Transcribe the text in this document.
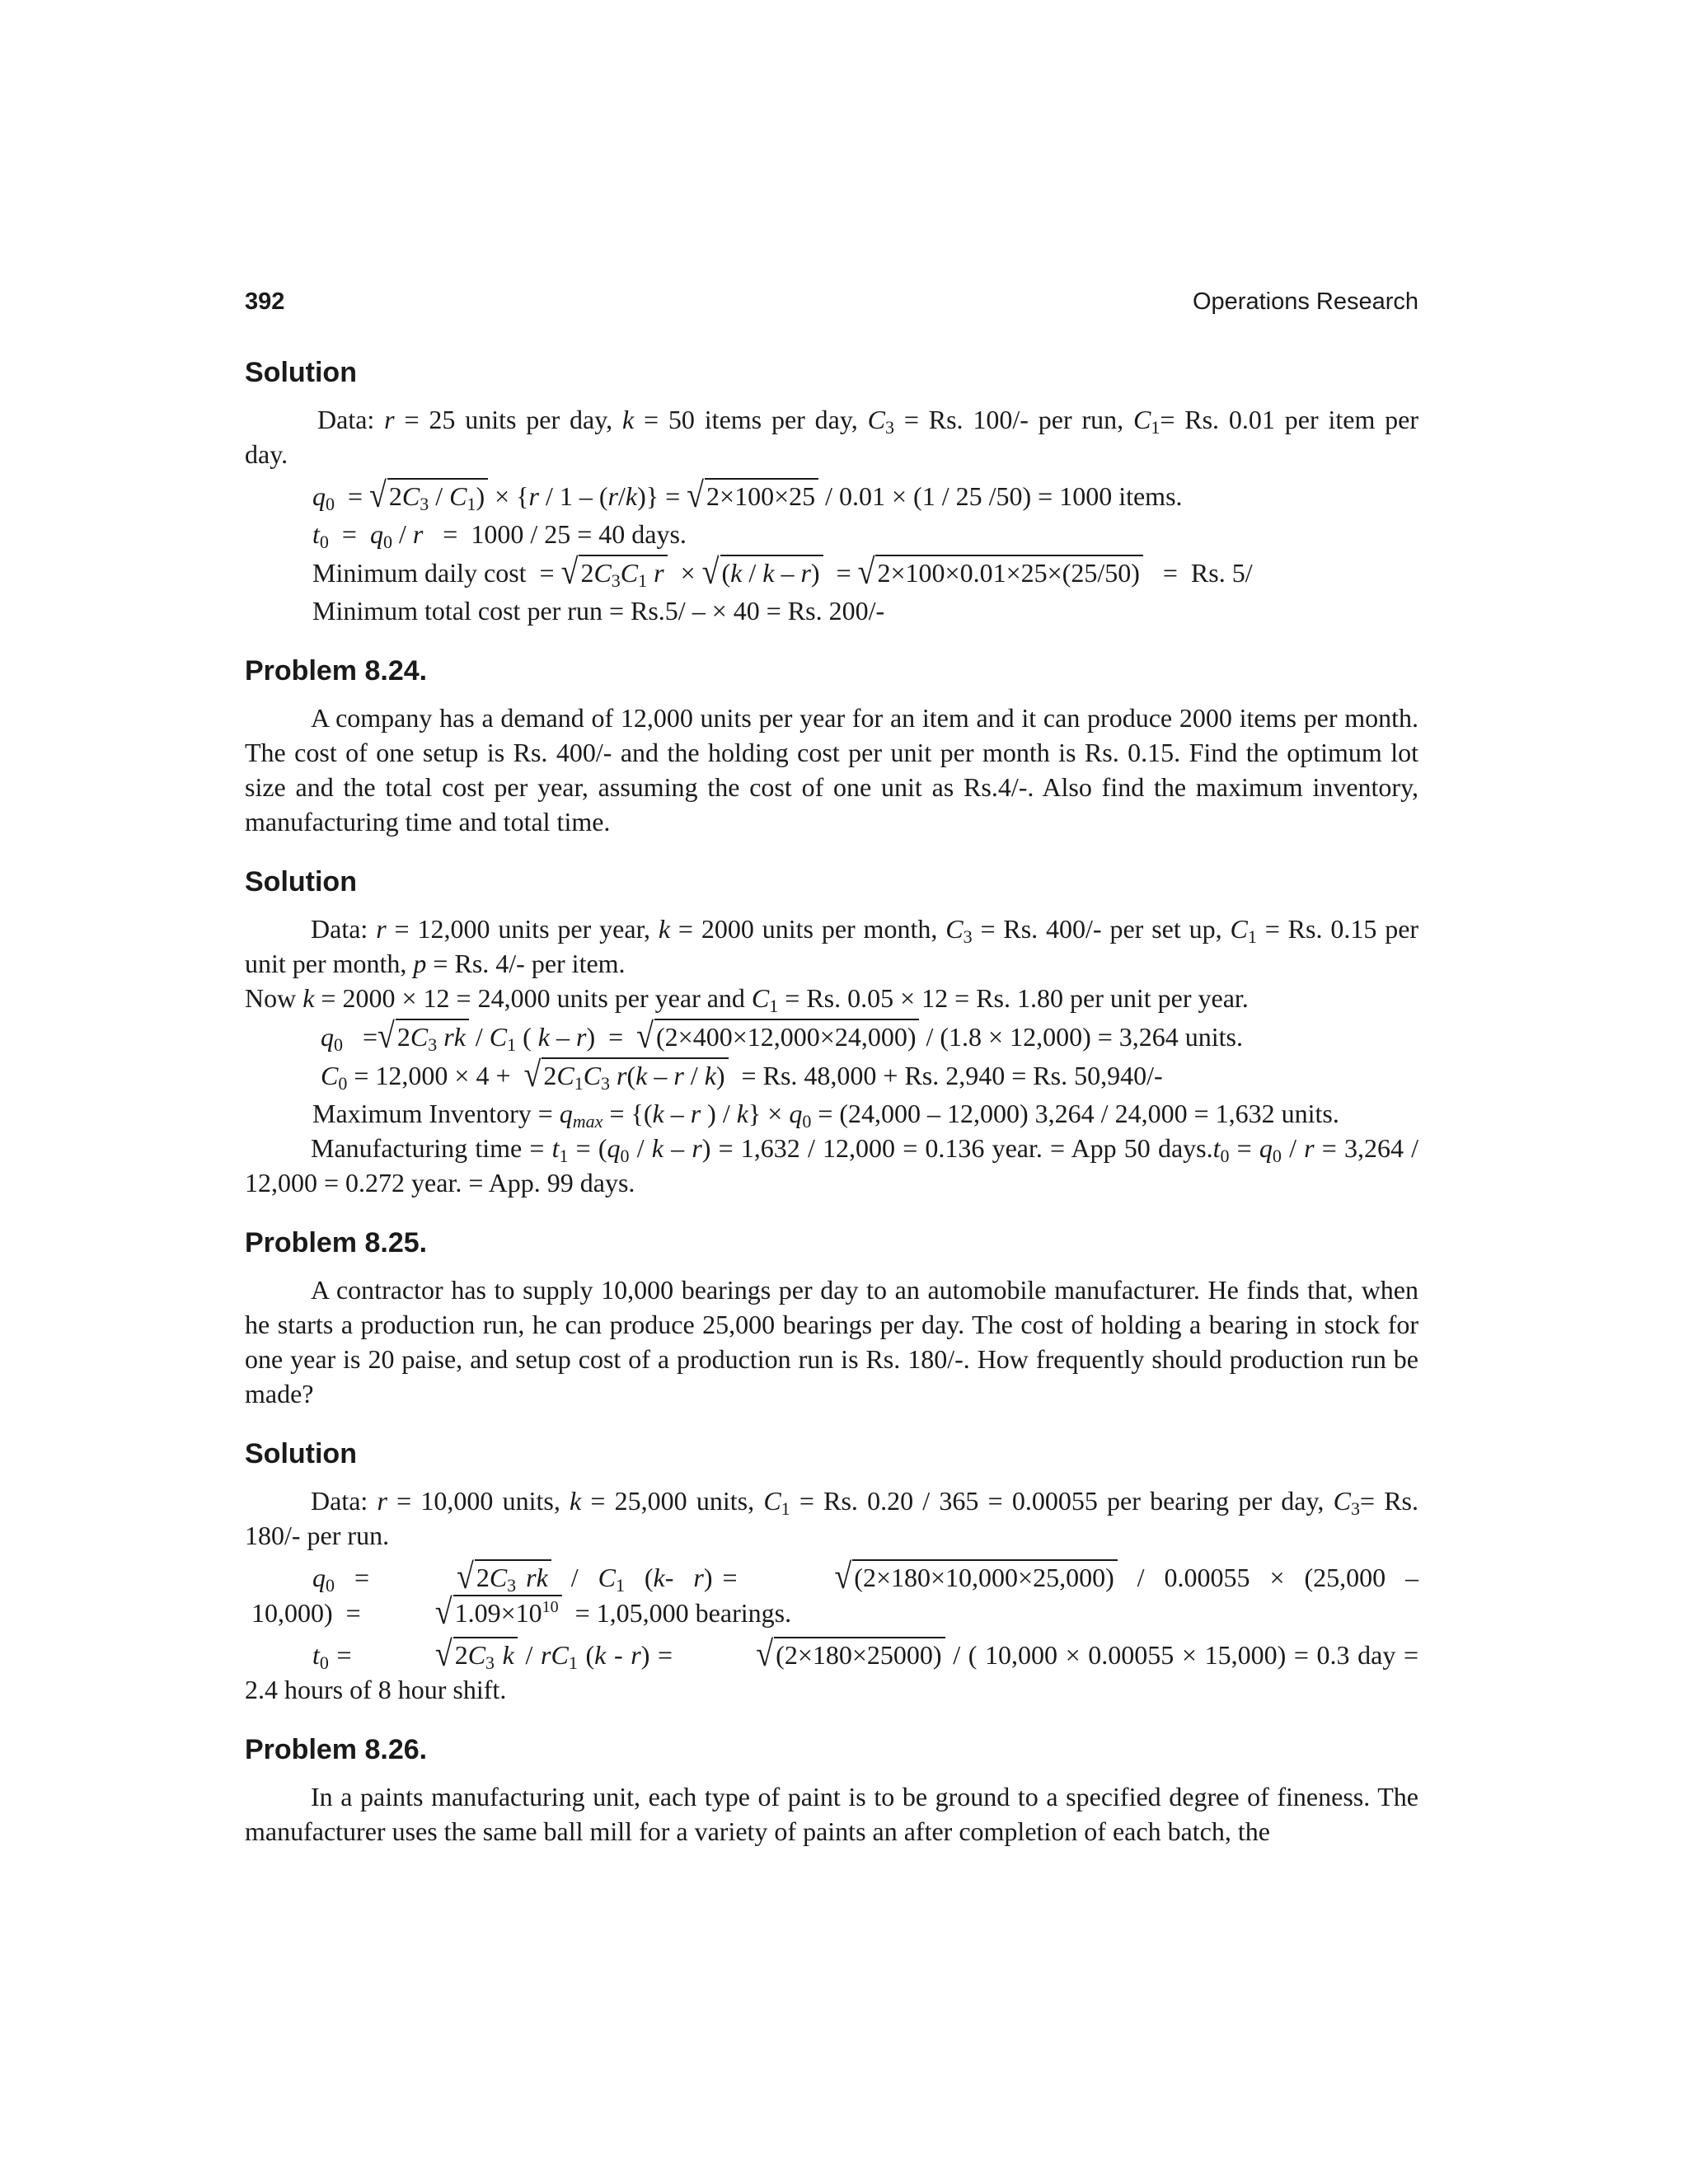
392	Operations Research
Solution

Data: r = 25 units per day, k = 50 items per day, $C_3 = Rs$. 100/- per run, $C_1= Rs$. 0.01 per item per

day.

$q_0 = √2C_3 / C_1) \times \{r / 1 - (r/k)\} = √2\times 100\times 25 / 0.01 \times (1 / 25$ /50) = 1000 items.
$t_0 = q_0 / r = 1000 / 25 = 40$ days.
Minimum daily $\cos t = √2C_3C_1$ r  × √(k / k – r)  = √2×100×0.01×25×(25/50)   =  Rs. 5/
Minimum total cost per run = Rs.5/ – × 40 = Rs. 200/-
Problem 8.24.

A company has a demand of 12,000 units per year for an item and it can produce 2000 items per month. The cost of one setup is Rs. 400/- and the holding cost per unit per month is Rs. 0.15. Find the optimum lot size and the total cost per year, assuming the cost of one unit as Rs.4/-. Also find the maximum inventory, manufacturing time and total time.

Solution

Data: r = 12,000 units per year, k = 2000 units per month, $C_3 = Rs$. 400/- per set up, $C_1 = Rs$. 0.15 per unit per month, p = Rs. 4/- per item.

Now k = 2000 × 12 = 24,000 units per year and $C_1 = Rs$. 0.05 × 12 = Rs. 1.80 per unit per year.
$q_0 =√2C_3$ rk / $C_1$ ( k – r)  =  √(2×400×12,000×24,000) / (1.8 × 12,000) = 3,264 units.
$C_0 = 12,000 \times 4 + √2C_1C_3$ r(k – r / k)  = Rs. 48,000 + Rs. 2,940 = Rs. 50,940/-
Maximum Inventory = $q_{max} = \{(k - r$ ) / $k\} \times q_0 = (24,000 - 12,000)$ 3,264 / 24,000 = 1,632 units.

Manufacturing time = $t_1 = (q_0 / k - r) = 1,632 / 12,000 = 0.136$ year. = App 50 $days.t_0 = q_0 / r = 3,264 / 12,000 = 0.272$ year. = App. 99 days.

Problem 8.25.

A contractor has to supply 10,000 bearings per day to an automobile manufacturer. He finds that, when he starts a production run, he can produce 25,000 bearings per day. The cost of holding a bearing in stock for one year is 20 paise, and setup cost of a production run is Rs. 180/-. How frequently should production run be made?

Solution

Data: r = 10,000 units, k = 25,000 units, $C_1 = Rs$. 0.20 / 365 = 0.00055 per bearing per day, $C_3= Rs$. 180/- per run.

$q_0 = √2C_3$ rk  /  $C_1$  (k-  $r) = √(2\times 180\times 10,000\times 25,000) / 0.00055 \times (25,000 - 10,000) = √1.09\times 10^{10} = 1,05,000$ bearings.

$t_0 = √2C_3$ k / $rC_1$ (k - r) =  √(2×180×25000) / ( 10,000 × 0.00055 × 15,000) = 0.3 day = 2.4 hours of 8 hour shift.

Problem 8.26.

In a paints manufacturing unit, each type of paint is to be ground to a specified degree of fineness. The manufacturer uses the same ball mill for a variety of paints an after completion of each batch, the
